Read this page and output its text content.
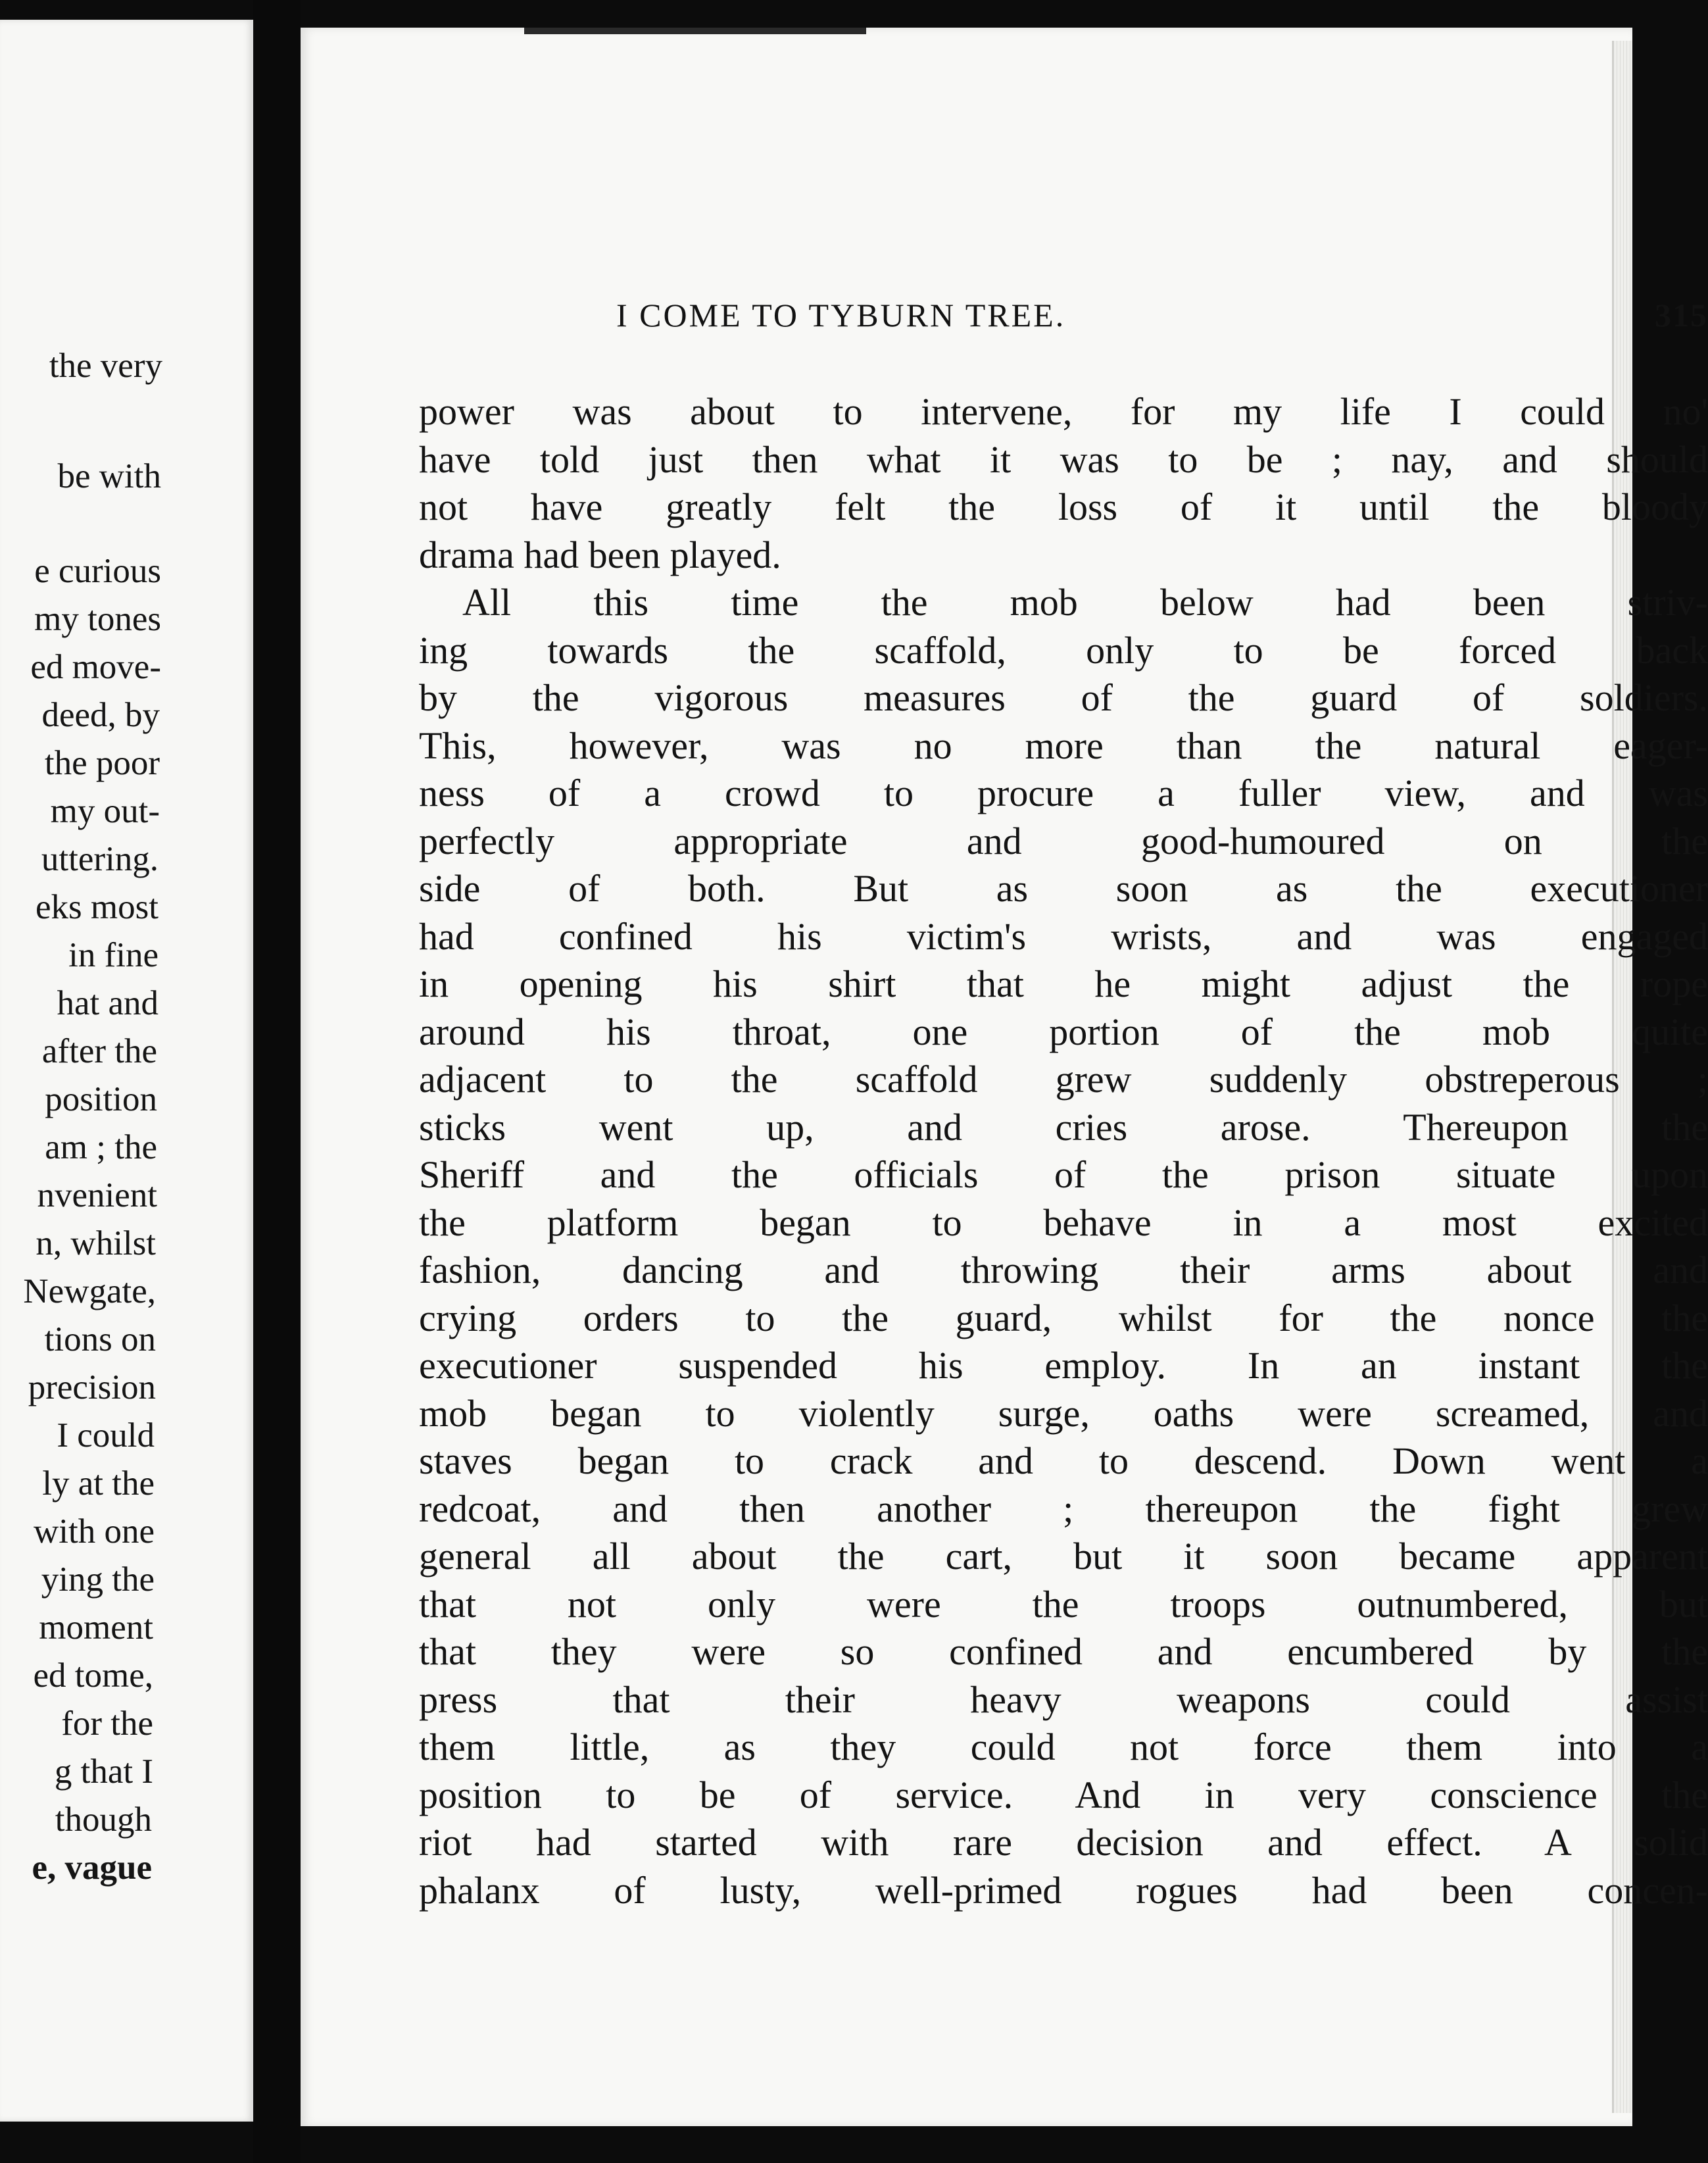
the very
be with
e curious
my tones
ed move-
deed, by
the poor
my out-
uttering.
eks most
in fine
hat and
after the
position
am ; the
nvenient
n, whilst
Newgate,
tions on
precision
I could
ly at the
with one
ying the
moment
ed tome,
for the
g that I
though
e, vague
I COME TO TYBURN TREE.	315
power was about to intervene, for my life I could no'
have told just then what it was to be ; nay, and should
not have greatly felt the loss of it until the bloody
drama had been played.
All this time the mob below had been striv-
ing towards the scaffold, only to be forced back
by the vigorous measures of the guard of soldiers.
This, however, was no more than the natural eager-
ness of a crowd to procure a fuller view, and was
perfectly appropriate and good-humoured on the
side of both. But as soon as the executioner
had confined his victim's wrists, and was engaged
in opening his shirt that he might adjust the rope
around his throat, one portion of the mob quite
adjacent to the scaffold grew suddenly obstreperous ;
sticks went up, and cries arose. Thereupon the
Sheriff and the officials of the prison situate upon
the platform began to behave in a most excited
fashion, dancing and throwing their arms about and
crying orders to the guard, whilst for the nonce the
executioner suspended his employ. In an instant the
mob began to violently surge, oaths were screamed, and
staves began to crack and to descend. Down went a
redcoat, and then another ; thereupon the fight grew
general all about the cart, but it soon became apparent
that not only were the troops outnumbered, but
that they were so confined and encumbered by the
press that their heavy weapons could assist
them little, as they could not force them into a
position to be of service. And in very conscience the
riot had started with rare decision and effect. A solid
phalanx of lusty, well-primed rogues had been concen-
